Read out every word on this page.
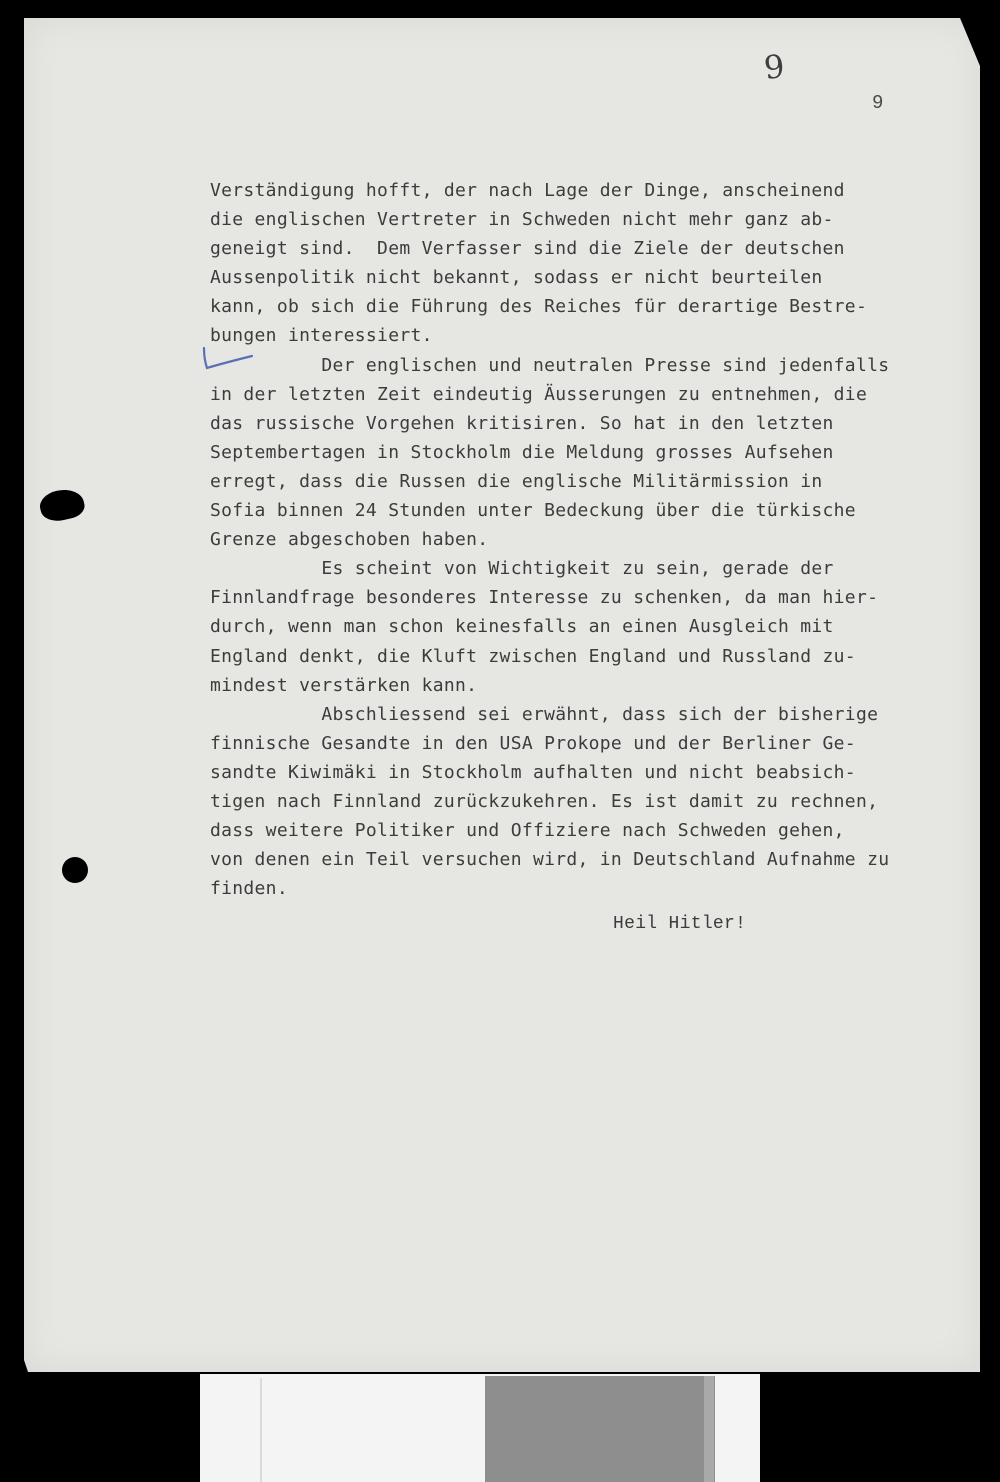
9
9
Verständigung hofft, der nach Lage der Dinge, anscheinend
die englischen Vertreter in Schweden nicht mehr ganz ab-
geneigt sind.  Dem Verfasser sind die Ziele der deutschen
Aussenpolitik nicht bekannt, sodass er nicht beurteilen
kann, ob sich die Führung des Reiches für derartige Bestre-
bungen interessiert.
Der englischen und neutralen Presse sind jedenfalls
in der letzten Zeit eindeutig Äusserungen zu entnehmen, die
das russische Vorgehen kritisiren. So hat in den letzten
Septembertagen in Stockholm die Meldung grosses Aufsehen
erregt, dass die Russen die englische Militärmission in
Sofia binnen 24 Stunden unter Bedeckung über die türkische
Grenze abgeschoben haben.
Es scheint von Wichtigkeit zu sein, gerade der
Finnlandfrage besonderes Interesse zu schenken, da man hier-
durch, wenn man schon keinesfalls an einen Ausgleich mit
England denkt, die Kluft zwischen England und Russland zu-
mindest verstärken kann.
Abschliessend sei erwähnt, dass sich der bisherige
finnische Gesandte in den USA Prokope und der Berliner Ge-
sandte Kiwimäki in Stockholm aufhalten und nicht beabsich-
tigen nach Finnland zurückzukehren. Es ist damit zu rechnen,
dass weitere Politiker und Offiziere nach Schweden gehen,
von denen ein Teil versuchen wird, in Deutschland Aufnahme zu
finden.
Heil Hitler!
